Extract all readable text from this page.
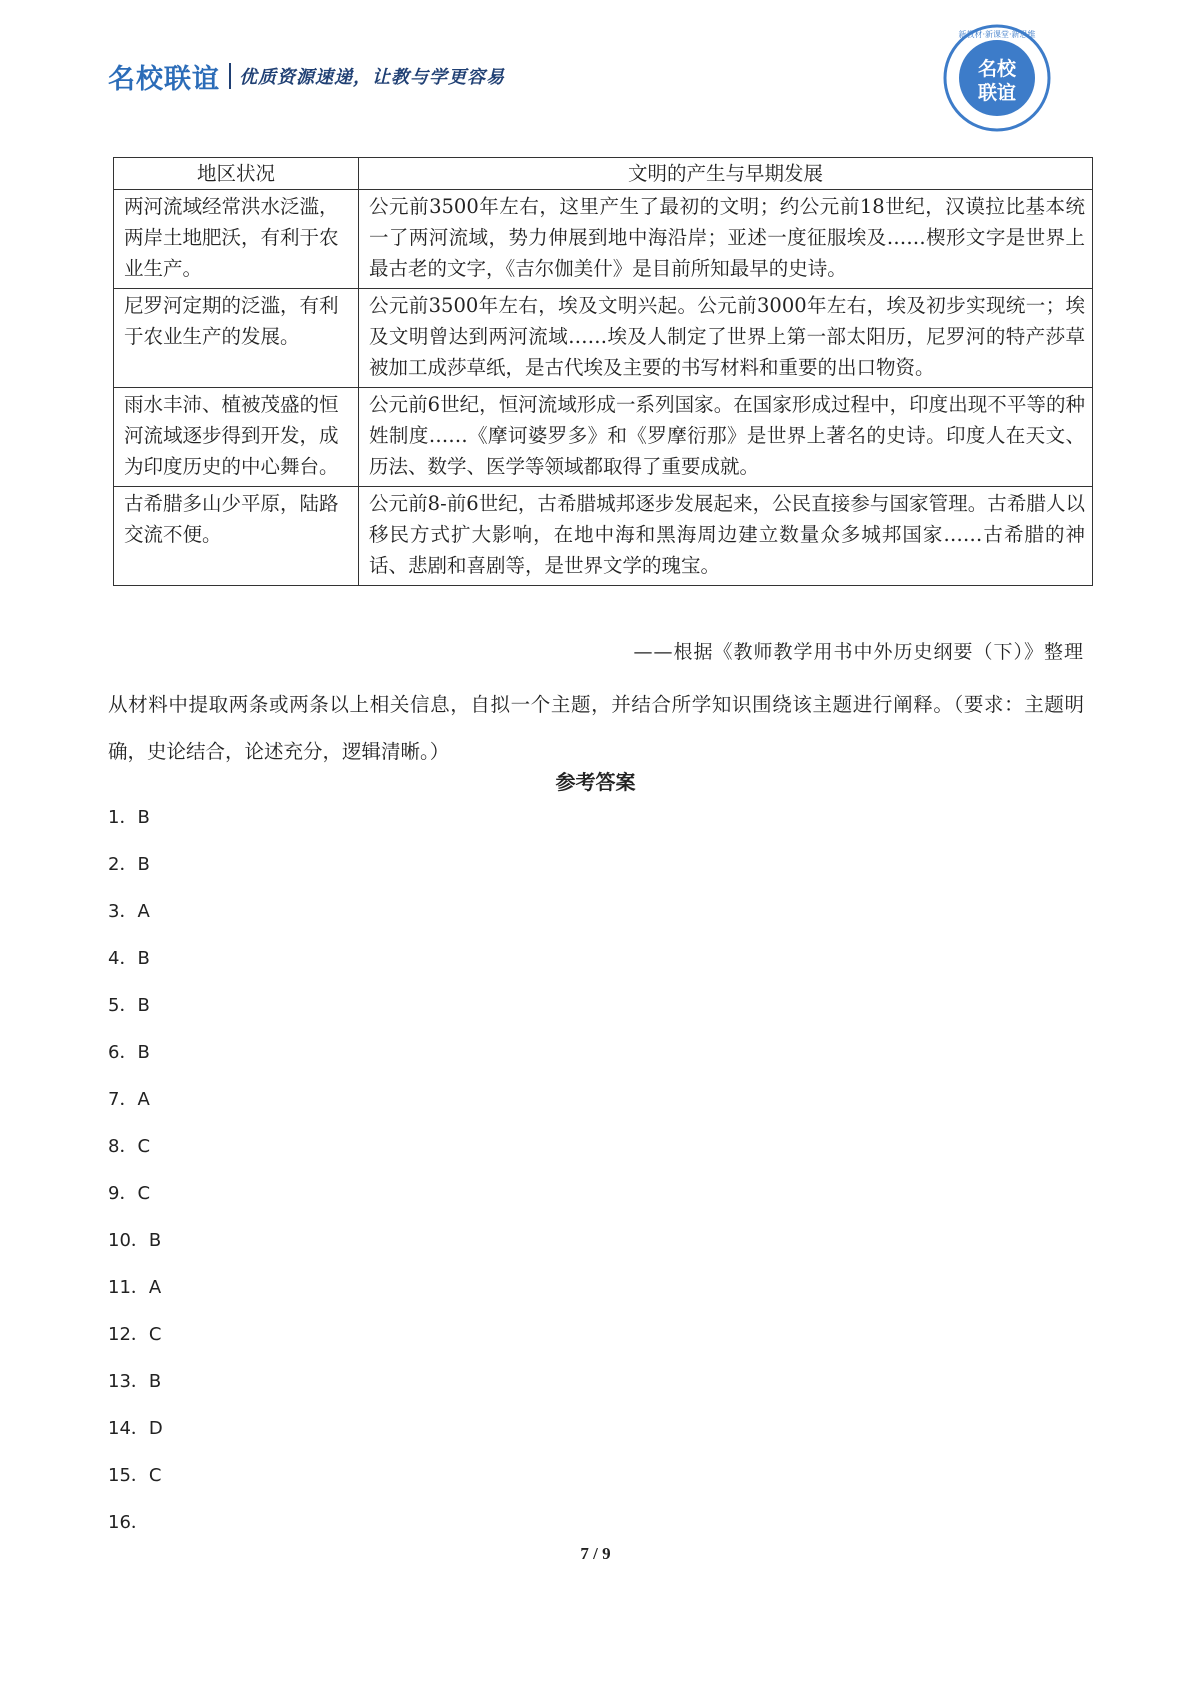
名校联谊 优质资源速递，让教与学更容易	名校
联谊
新教材·新课堂·新思维
地区状况	文明的产生与早期发展
两河流域经常洪水泛滥，两岸土地肥沃，有利于农业生产。	公元前3500年左右，这里产生了最初的文明；约公元前18世纪，汉谟拉比基本统一了两河流域，势力伸展到地中海沿岸；亚述一度征服埃及……楔形文字是世界上最古老的文字，《吉尔伽美什》是目前所知最早的史诗。
尼罗河定期的泛滥，有利于农业生产的发展。	公元前3500年左右，埃及文明兴起。公元前3000年左右，埃及初步实现统一；埃及文明曾达到两河流域……埃及人制定了世界上第一部太阳历，尼罗河的特产莎草被加工成莎草纸，是古代埃及主要的书写材料和重要的出口物资。
雨水丰沛、植被茂盛的恒河流域逐步得到开发，成为印度历史的中心舞台。	公元前6世纪，恒河流域形成一系列国家。在国家形成过程中，印度出现不平等的种姓制度……《摩诃婆罗多》和《罗摩衍那》是世界上著名的史诗。印度人在天文、历法、数学、医学等领域都取得了重要成就。
古希腊多山少平原，陆路交流不便。	公元前8-前6世纪，古希腊城邦逐步发展起来，公民直接参与国家管理。古希腊人以移民方式扩大影响，在地中海和黑海周边建立数量众多城邦国家……古希腊的神话、悲剧和喜剧等，是世界文学的瑰宝。
——根据《教师教学用书中外历史纲要（下）》整理
从材料中提取两条或两条以上相关信息，自拟一个主题，并结合所学知识围绕该主题进行阐释。（要求：主题明确，史论结合，论述充分，逻辑清晰。）
参考答案
1．B
2．B
3．A
4．B
5．B
6．B
7．A
8．C
9．C
10．B
11．A
12．C
13．B
14．D
15．C
16．
7 / 9
